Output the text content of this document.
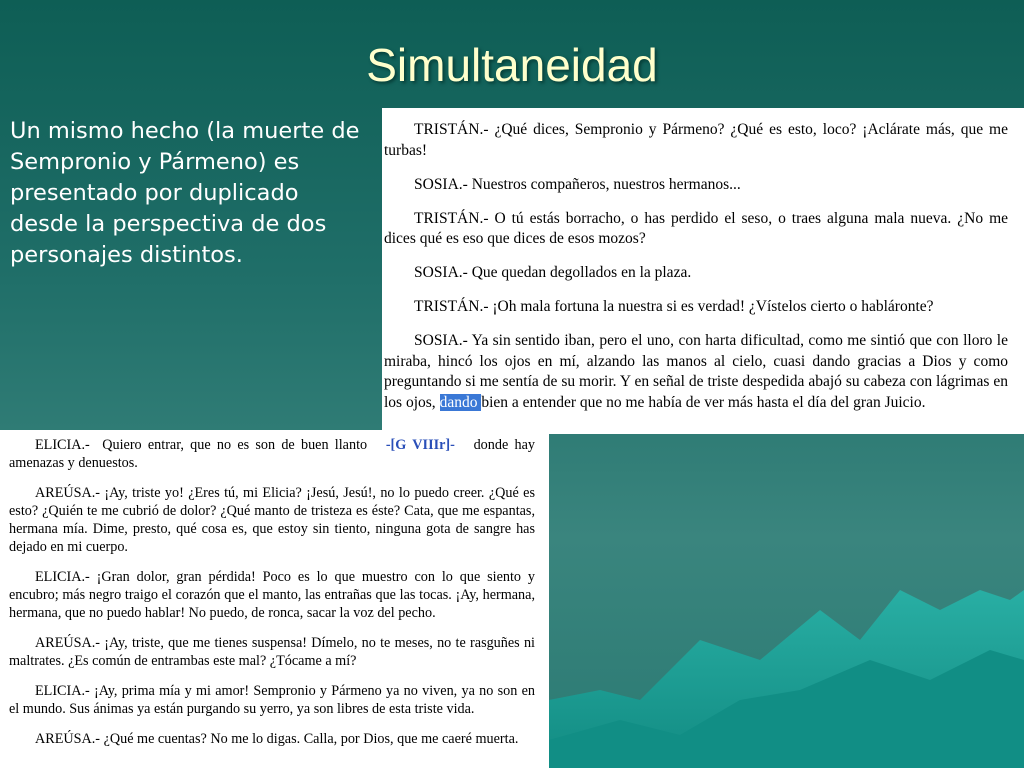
Simultaneidad
Un mismo hecho (la muerte de Sempronio y Pármeno) es presentado por duplicado desde la perspectiva de dos personajes distintos.

TRISTÁN.- ¿Qué dices, Sempronio y Pármeno? ¿Qué es esto, loco? ¡Aclárate más, que me turbas!

SOSIA.- Nuestros compañeros, nuestros hermanos...

TRISTÁN.- O tú estás borracho, o has perdido el seso, o traes alguna mala nueva. ¿No me dices qué es eso que dices de esos mozos?

SOSIA.- Que quedan degollados en la plaza.

TRISTÁN.- ¡Oh mala fortuna la nuestra si es verdad! ¿Vístelos cierto o habláronte?

SOSIA.- Ya sin sentido iban, pero el uno, con harta dificultad, como me sintió que con lloro le miraba, hincó los ojos en mí, alzando las manos al cielo, cuasi dando gracias a Dios y como preguntando si me sentía de su morir. Y en señal de triste despedida abajó su cabeza con lágrimas en los ojos, dando bien a entender que no me había de ver más hasta el día del gran Juicio.

ELICIA.-  Quiero entrar, que no es son de buen llanto   -[G VIIIr]-   donde hay amenazas y denuestos.

AREÚSA.- ¡Ay, triste yo! ¿Eres tú, mi Elicia? ¡Jesú, Jesú!, no lo puedo creer. ¿Qué es esto? ¿Quién te me cubrió de dolor? ¿Qué manto de tristeza es éste? Cata, que me espantas, hermana mía. Dime, presto, qué cosa es, que estoy sin tiento, ninguna gota de sangre has dejado en mi cuerpo.

ELICIA.- ¡Gran dolor, gran pérdida! Poco es lo que muestro con lo que siento y encubro; más negro traigo el corazón que el manto, las entrañas que las tocas. ¡Ay, hermana, hermana, que no puedo hablar! No puedo, de ronca, sacar la voz del pecho.

AREÚSA.- ¡Ay, triste, que me tienes suspensa! Dímelo, no te meses, no te rasguñes ni maltrates. ¿Es común de entrambas este mal? ¿Tócame a mí?

ELICIA.- ¡Ay, prima mía y mi amor! Sempronio y Pármeno ya no viven, ya no son en el mundo. Sus ánimas ya están purgando su yerro, ya son libres de esta triste vida.

AREÚSA.- ¿Qué me cuentas? No me lo digas. Calla, por Dios, que me caeré muerta.
